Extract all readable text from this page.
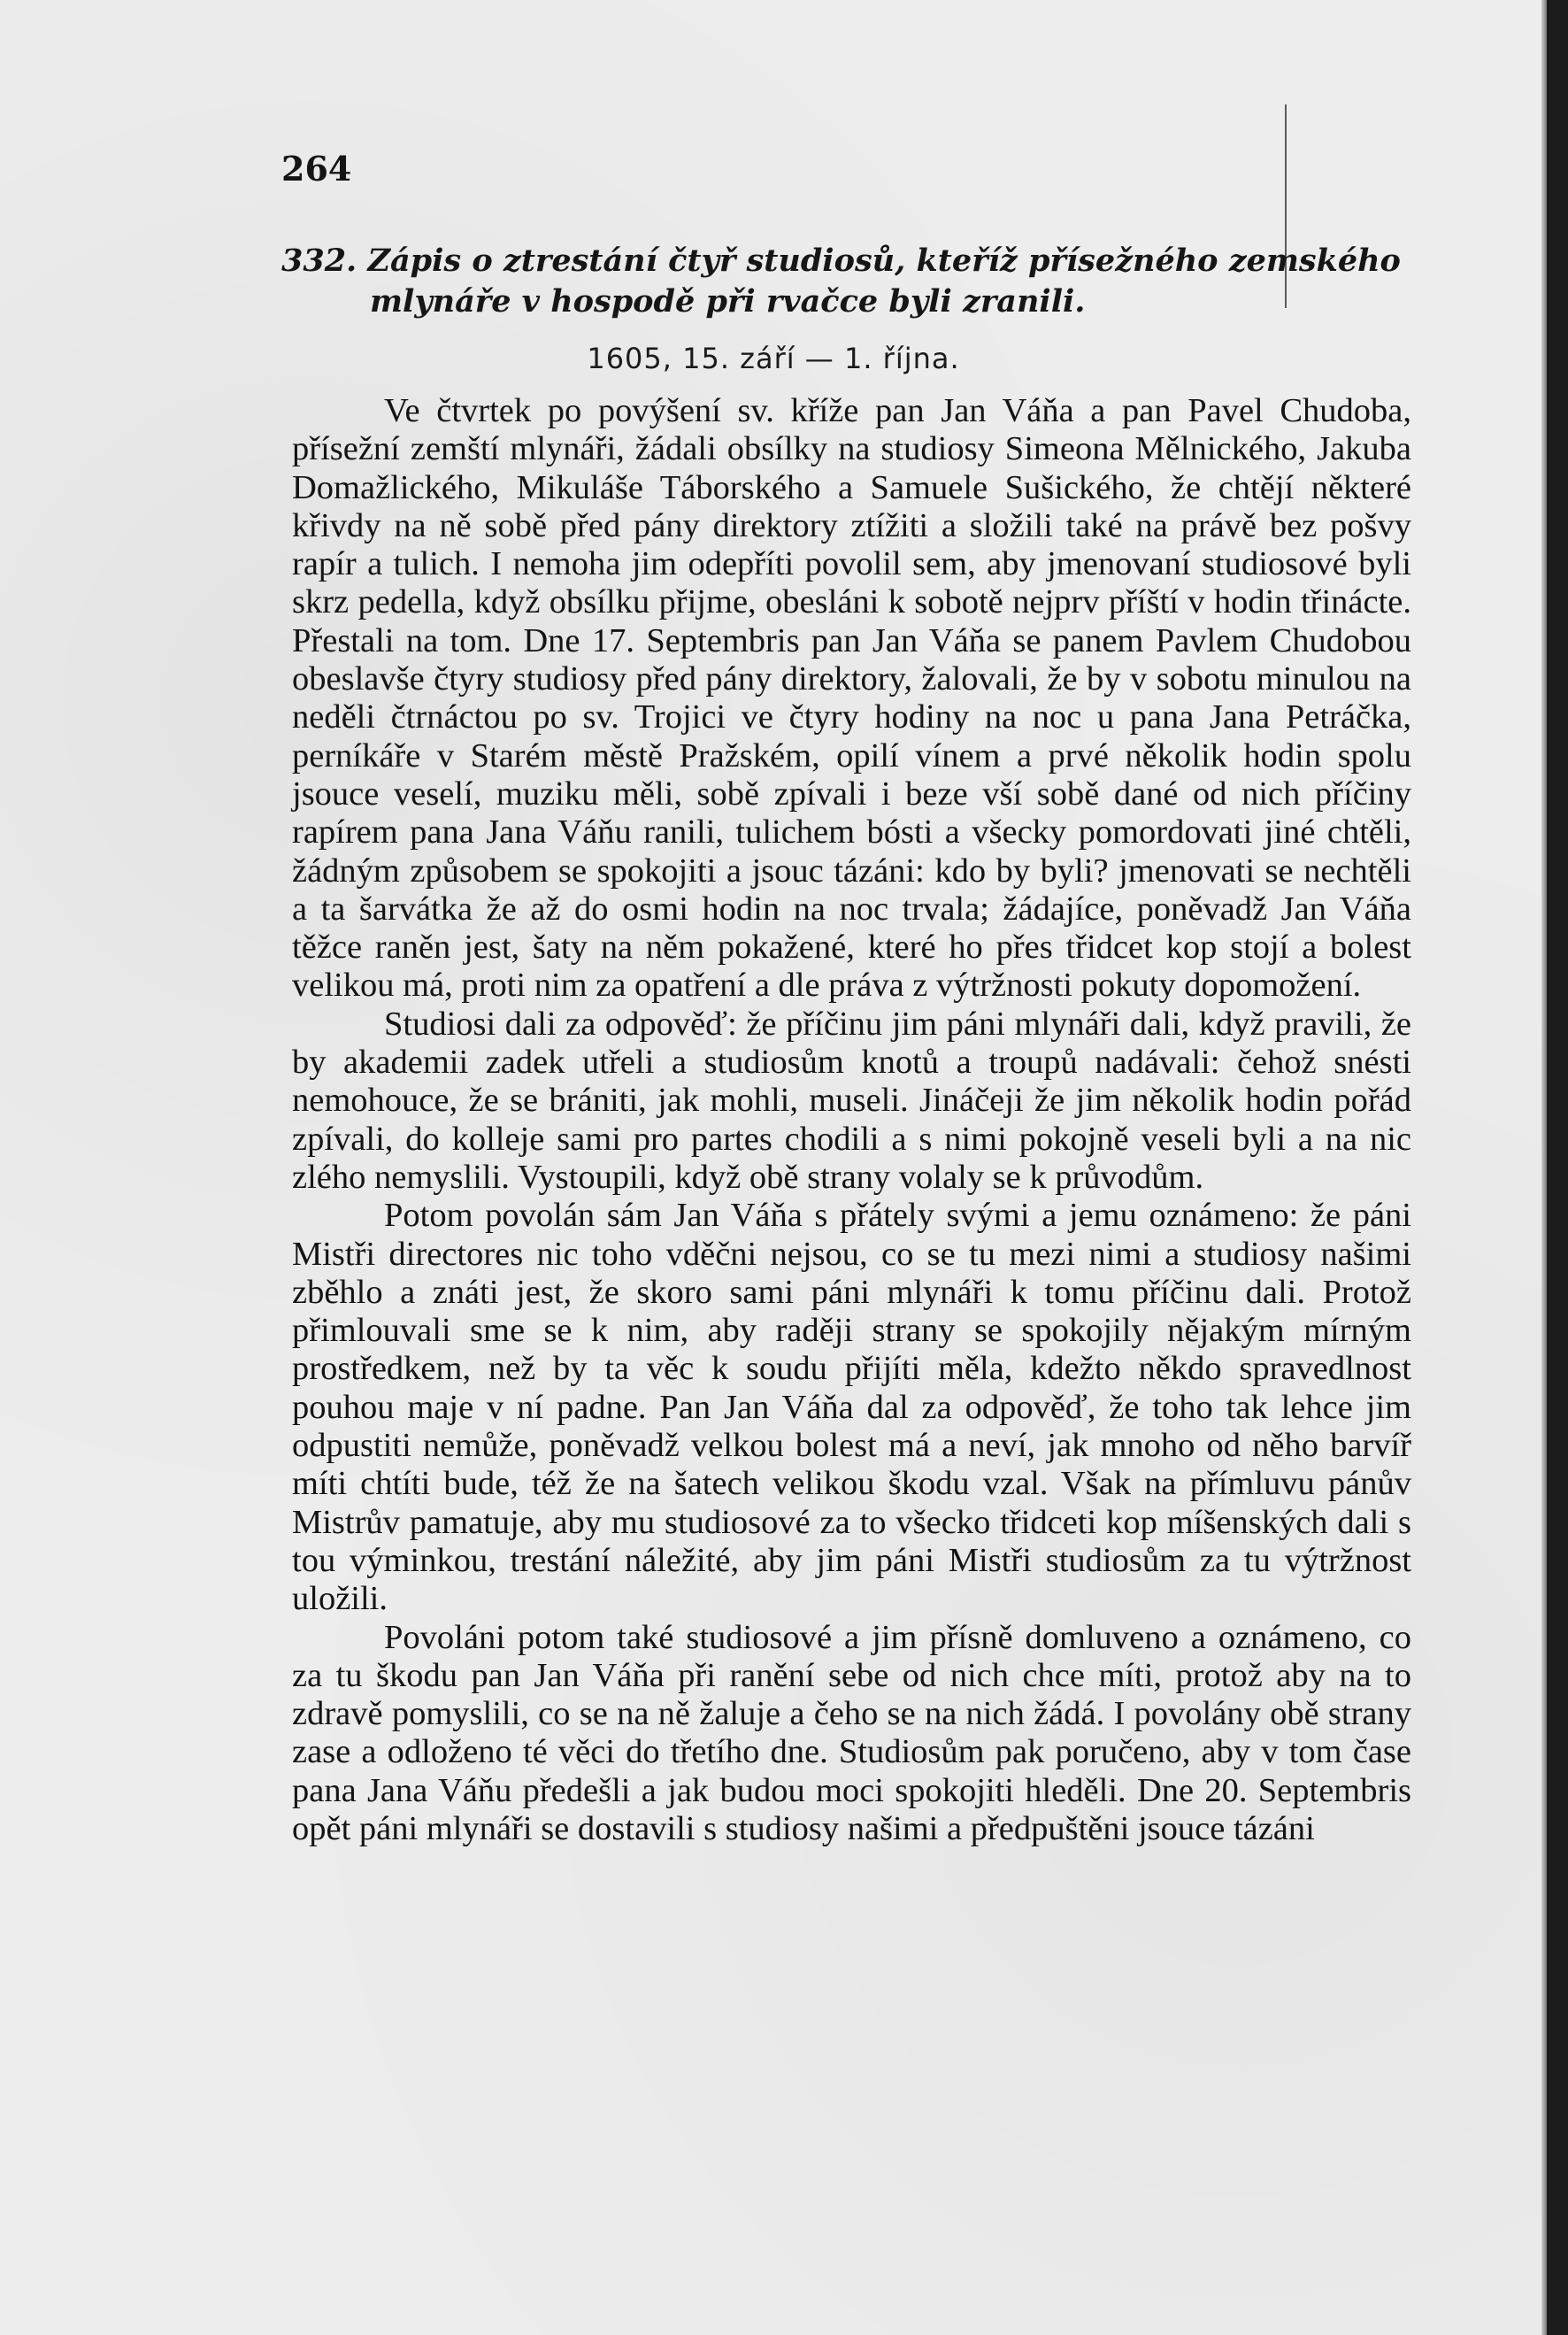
264
332. Zápis o ztrestání čtyř studiosů, kteříž přísežného zemského
mlynáře v hospodě při rvačce byli zranili.
1605, 15. září — 1. října.

Ve čtvrtek po povýšení sv. kříže pan Jan Váňa a pan Pavel Chudoba, přísežní zemští mlynáři, žádali obsílky na studiosy Simeona Mělnického, Jakuba Domažlického, Mikuláše Táborského a Samuele Sušického, že chtějí některé křivdy na ně sobě před pány direktory ztížiti a složili také na právě bez pošvy rapír a tulich. I nemoha jim odepříti povolil sem, aby jmenovaní studiosové byli skrz pedella, když obsílku přijme, obesláni k sobotě nejprv příští v hodin třinácte. Přestali na tom. Dne 17. Septembris pan Jan Váňa se panem Pavlem Chudobou obeslavše čtyry studiosy před pány direktory, žalovali, že by v sobotu minulou na neděli čtrnáctou po sv. Trojici ve čtyry hodiny na noc u pana Jana Petráčka, perníkáře v Starém městě Pražském, opilí vínem a prvé několik hodin spolu jsouce veselí, muziku měli, sobě zpívali i beze vší sobě dané od nich příčiny rapírem pana Jana Váňu ranili, tulichem bósti a všecky pomordovati jiné chtěli, žádným způsobem se spokojiti a jsouc tázáni: kdo by byli? jmenovati se nechtěli a ta šarvátka že až do osmi hodin na noc trvala; žádajíce, poněvadž Jan Váňa těžce raněn jest, šaty na něm pokažené, které ho přes třidcet kop stojí a bolest velikou má, proti nim za opatření a dle práva z výtržnosti pokuty dopomožení.

Studiosi dali za odpověď: že příčinu jim páni mlynáři dali, když pravili, že by akademii zadek utřeli a studiosům knotů a troupů nadávali: čehož snésti nemohouce, že se brániti, jak mohli, museli. Jináčeji že jim několik hodin pořád zpívali, do kolleje sami pro partes chodili a s nimi pokojně veseli byli a na nic zlého nemyslili. Vystoupili, když obě strany volaly se k průvodům.

Potom povolán sám Jan Váňa s přátely svými a jemu oznámeno: že páni Mistři directores nic toho vděčni nejsou, co se tu mezi nimi a studiosy našimi zběhlo a znáti jest, že skoro sami páni mlynáři k tomu příčinu dali. Protož přimlouvali sme se k nim, aby raději strany se spokojily nějakým mírným prostředkem, než by ta věc k soudu přijíti měla, kdežto někdo spravedlnost pouhou maje v ní padne. Pan Jan Váňa dal za odpověď, že toho tak lehce jim odpustiti nemůže, poněvadž velkou bolest má a neví, jak mnoho od něho barvíř míti chtíti bude, též že na šatech velikou škodu vzal. Však na přímluvu pánův Mistrův pamatuje, aby mu studiosové za to všecko třidceti kop míšenských dali s tou výminkou, trestání náležité, aby jim páni Mistři studiosům za tu výtržnost uložili.

Povoláni potom také studiosové a jim přísně domluveno a oznámeno, co za tu škodu pan Jan Váňa při ranění sebe od nich chce míti, protož aby na to zdravě pomyslili, co se na ně žaluje a čeho se na nich žádá. I povolány obě strany zase a odloženo té věci do třetího dne. Studiosům pak poručeno, aby v tom čase pana Jana Váňu předešli a jak budou moci spokojiti hleděli. Dne 20. Septembris opět páni mlynáři se dostavili s studiosy našimi a předpuštěni jsouce tázáni
